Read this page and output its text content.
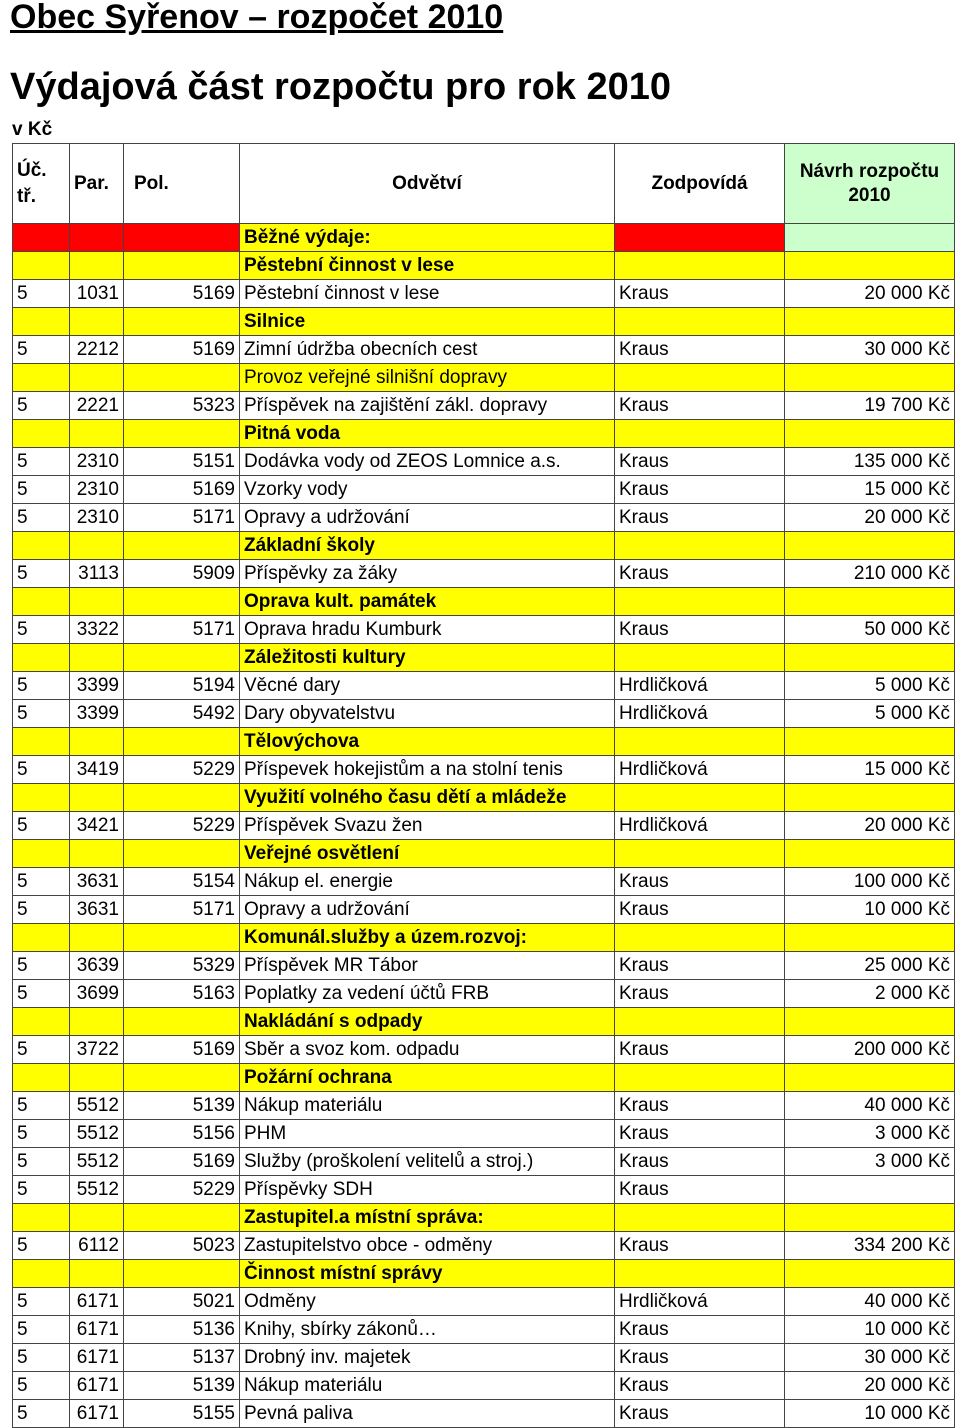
Obec Syřenov – rozpočet 2010
Výdajová část rozpočtu pro rok 2010
v Kč
Úč. tř.	Par.	Pol.	Odvětví	Zodpovídá	Návrh rozpočtu 2010
			Běžné výdaje:		
			Pěstební činnost v lese		
5	1031	5169	Pěstební činnost v lese	Kraus	20 000 Kč
			Silnice		
5	2212	5169	Zimní údržba obecních cest	Kraus	30 000 Kč
			Provoz veřejné silnišní dopravy		
5	2221	5323	Příspěvek na zajištění zákl. dopravy	Kraus	19 700 Kč
			Pitná voda		
5	2310	5151	Dodávka vody od ZEOS Lomnice a.s.	Kraus	135 000 Kč
5	2310	5169	Vzorky vody	Kraus	15 000 Kč
5	2310	5171	Opravy a udržování	Kraus	20 000 Kč
			Základní školy		
5	3113	5909	Příspěvky za žáky	Kraus	210 000 Kč
			Oprava kult. památek		
5	3322	5171	Oprava hradu Kumburk	Kraus	50 000 Kč
			Záležitosti kultury		
5	3399	5194	Věcné dary	Hrdličková	5 000 Kč
5	3399	5492	Dary obyvatelstvu	Hrdličková	5 000 Kč
			Tělovýchova		
5	3419	5229	Příspevek hokejistům a na stolní tenis	Hrdličková	15 000 Kč
			Využití volného času dětí a mládeže		
5	3421	5229	Příspěvek Svazu žen	Hrdličková	20 000 Kč
			Veřejné osvětlení		
5	3631	5154	Nákup el. energie	Kraus	100 000 Kč
5	3631	5171	Opravy a udržování	Kraus	10 000 Kč
			Komunál.služby a územ.rozvoj:		
5	3639	5329	Příspěvek MR Tábor	Kraus	25 000 Kč
5	3699	5163	Poplatky za vedení účtů FRB	Kraus	2 000 Kč
			Nakládání s odpady		
5	3722	5169	Sběr a svoz kom. odpadu	Kraus	200 000 Kč
			Požární ochrana		
5	5512	5139	Nákup materiálu	Kraus	40 000 Kč
5	5512	5156	PHM	Kraus	3 000 Kč
5	5512	5169	Služby (proškolení velitelů a stroj.)	Kraus	3 000 Kč
5	5512	5229	Příspěvky SDH	Kraus	
			Zastupitel.a místní správa:		
5	6112	5023	Zastupitelstvo obce - odměny	Kraus	334 200 Kč
			Činnost místní správy		
5	6171	5021	Odměny	Hrdličková	40 000 Kč
5	6171	5136	Knihy, sbírky zákonů…	Kraus	10 000 Kč
5	6171	5137	Drobný inv. majetek	Kraus	30 000 Kč
5	6171	5139	Nákup materiálu	Kraus	20 000 Kč
5	6171	5155	Pevná paliva	Kraus	10 000 Kč
